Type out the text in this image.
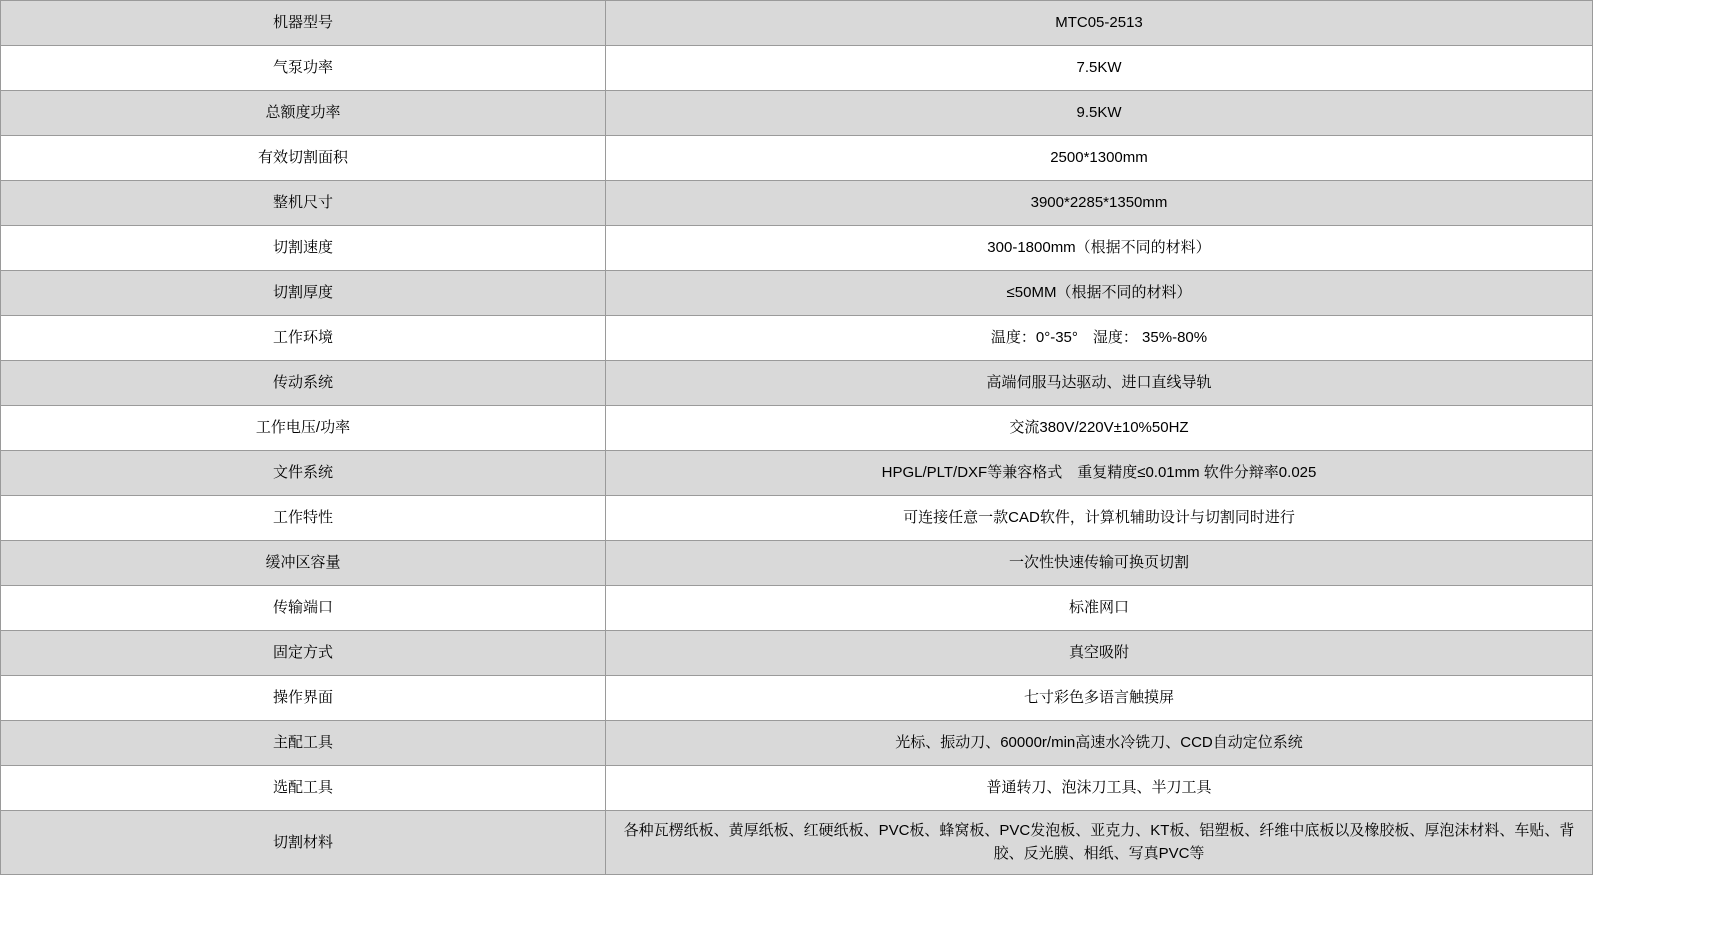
机器型号	MTC05-2513
气泵功率	7.5KW
总额度功率	9.5KW
有效切割面积	2500*1300mm
整机尺寸	3900*2285*1350mm
切割速度	300-1800mm（根据不同的材料）
切割厚度	≤50MM（根据不同的材料）
工作环境	温度：0°-35°　湿度： 35%-80%
传动系统	高端伺服马达驱动、进口直线导轨
工作电压/功率	交流380V/220V±10%50HZ
文件系统	HPGL/PLT/DXF等兼容格式　重复精度≤0.01mm 软件分辩率0.025
工作特性	可连接任意一款CAD软件，计算机辅助设计与切割同时进行
缓冲区容量	一次性快速传输可换页切割
传输端口	标准网口
固定方式	真空吸附
操作界面	七寸彩色多语言触摸屏
主配工具	光标、振动刀、60000r/min高速水冷铣刀、CCD自动定位系统
选配工具	普通转刀、泡沫刀工具、半刀工具
切割材料	各种瓦楞纸板、黄厚纸板、红硬纸板、PVC板、蜂窝板、PVC发泡板、亚克力、KT板、铝塑板、纤维中底板以及橡胶板、厚泡沫材料、车贴、背胶、反光膜、相纸、写真PVC等
